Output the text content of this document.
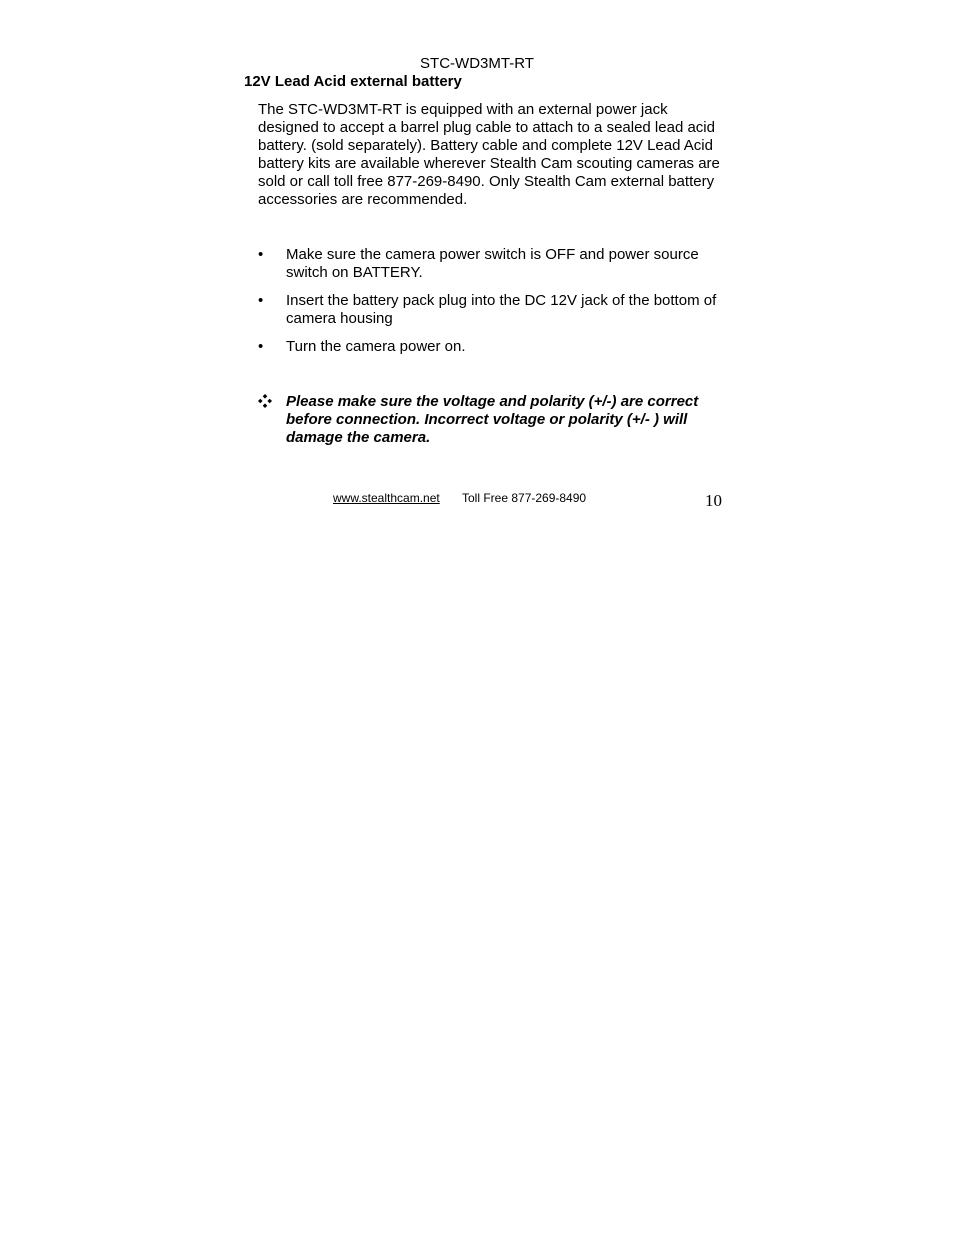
STC-WD3MT-RT
12V Lead Acid external battery

The STC-WD3MT-RT is equipped with an external power jack designed to accept a barrel plug cable to attach to a sealed lead acid battery. (sold separately). Battery cable and complete 12V Lead Acid battery kits are available wherever Stealth Cam scouting cameras are sold or call toll free 877-269-8490. Only Stealth Cam external battery accessories are recommended.

• Make sure the camera power switch is OFF and power source switch on BATTERY.
• Insert the battery pack plug into the DC 12V jack of the bottom of camera housing
• Turn the camera power on.
Please make sure the voltage and polarity (+/-) are correct before connection. Incorrect voltage or polarity (+/- ) will damage the camera.
www.stealthcam.net Toll Free 877-269-8490	10
